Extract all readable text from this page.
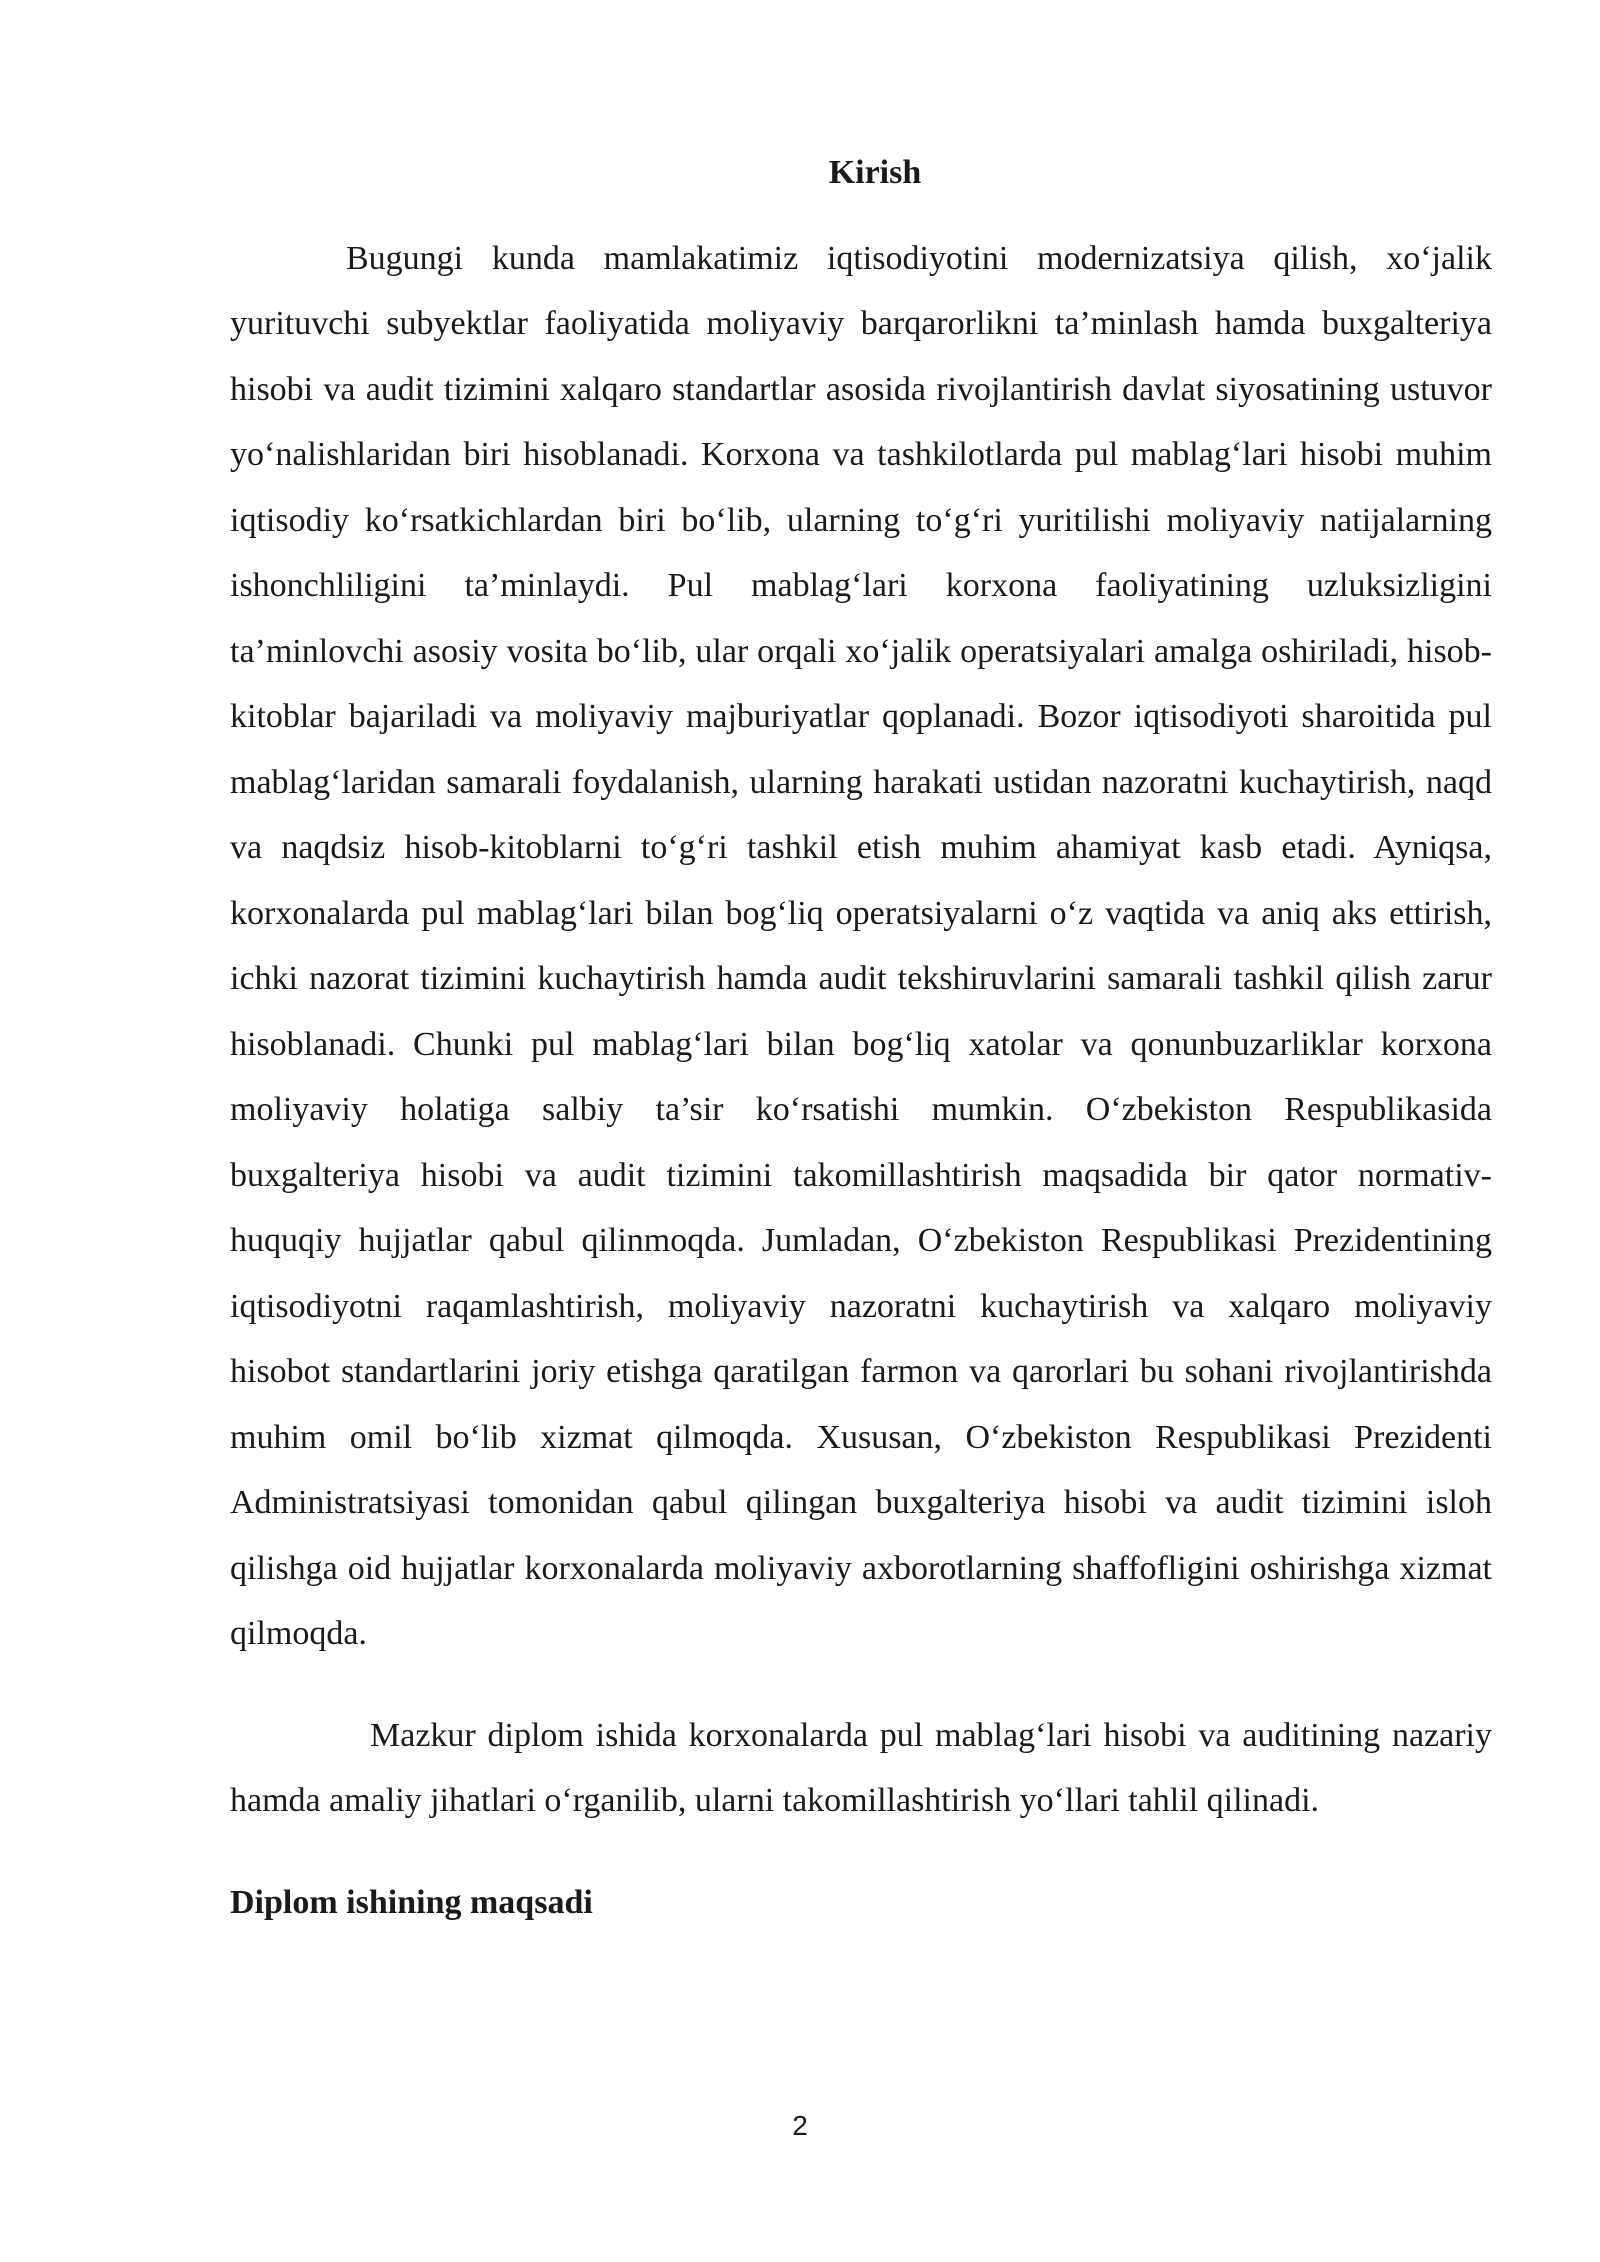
Kirish

Bugungi kunda mamlakatimiz iqtisodiyotini modernizatsiya qilish, xo‘jalik yurituvchi subyektlar faoliyatida moliyaviy barqarorlikni ta’minlash hamda buxgalteriya hisobi va audit tizimini xalqaro standartlar asosida rivojlantirish davlat siyosatining ustuvor yo‘nalishlaridan biri hisoblanadi. Korxona va tashkilotlarda pul mablag‘lari hisobi muhim iqtisodiy ko‘rsatkichlardan biri bo‘lib, ularning to‘g‘ri yuritilishi moliyaviy natijalarning ishonchliligini ta’minlaydi. Pul mablag‘lari korxona faoliyatining uzluksizligini ta’minlovchi asosiy vosita bo‘lib, ular orqali xo‘jalik operatsiyalari amalga oshiriladi, hisob-kitoblar bajariladi va moliyaviy majburiyatlar qoplanadi. Bozor iqtisodiyoti sharoitida pul mablag‘laridan samarali foydalanish, ularning harakati ustidan nazoratni kuchaytirish, naqd va naqdsiz hisob-kitoblarni to‘g‘ri tashkil etish muhim ahamiyat kasb etadi. Ayniqsa, korxonalarda pul mablag‘lari bilan bog‘liq operatsiyalarni o‘z vaqtida va aniq aks ettirish, ichki nazorat tizimini kuchaytirish hamda audit tekshiruvlarini samarali tashkil qilish zarur hisoblanadi. Chunki pul mablag‘lari bilan bog‘liq xatolar va qonunbuzarliklar korxona moliyaviy holatiga salbiy ta’sir ko‘rsatishi mumkin. O‘zbekiston Respublikasida buxgalteriya hisobi va audit tizimini takomillashtirish maqsadida bir qator normativ-huquqiy hujjatlar qabul qilinmoqda. Jumladan, O‘zbekiston Respublikasi Prezidentining iqtisodiyotni raqamlashtirish, moliyaviy nazoratni kuchaytirish va xalqaro moliyaviy hisobot standartlarini joriy etishga qaratilgan farmon va qarorlari bu sohani rivojlantirishda muhim omil bo‘lib xizmat qilmoqda. Xususan, O‘zbekiston Respublikasi Prezidenti Administratsiyasi tomonidan qabul qilingan buxgalteriya hisobi va audit tizimini isloh qilishga oid hujjatlar korxonalarda moliyaviy axborotlarning shaffofligini oshirishga xizmat qilmoqda.

Mazkur diplom ishida korxonalarda pul mablag‘lari hisobi va auditining nazariy hamda amaliy jihatlari o‘rganilib, ularni takomillashtirish yo‘llari tahlil qilinadi.

Diplom ishining maqsadi
2
